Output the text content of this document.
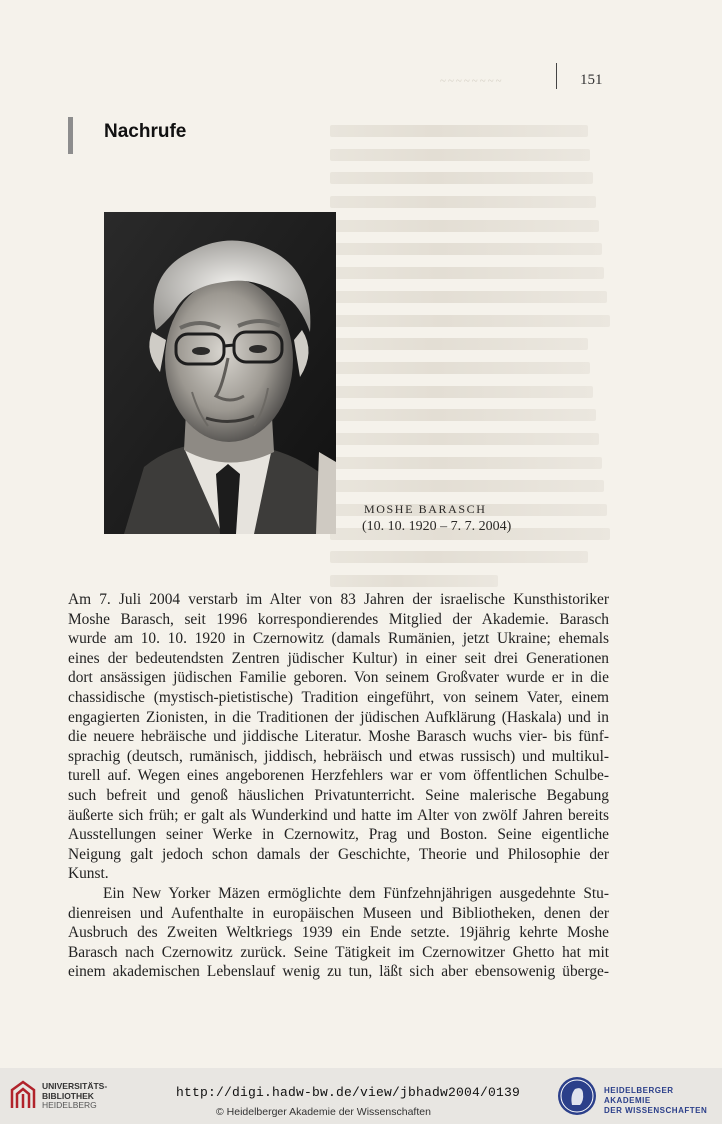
~~~~~~~~	151
Nachrufe
MOSHE BARASCH
(10. 10. 1920 – 7. 7. 2004)

Am 7. Juli 2004 verstarb im Alter von 83 Jahren der israelische Kunsthistoriker
Moshe Barasch, seit 1996 korrespondierendes Mitglied der Akademie. Barasch
wurde am 10. 10. 1920 in Czernowitz (damals Rumänien, jetzt Ukraine; ehemals
eines der bedeutendsten Zentren jüdischer Kultur) in einer seit drei Generationen
dort ansässigen jüdischen Familie geboren. Von seinem Großvater wurde er in die
chassidische (mystisch-pietistische) Tradition eingeführt, von seinem Vater, einem
engagierten Zionisten, in die Traditionen der jüdischen Aufklärung (Haskala) und in
die neuere hebräische und jiddische Literatur. Moshe Barasch wuchs vier- bis fünf-
sprachig (deutsch, rumänisch, jiddisch, hebräisch und etwas russisch) und multikul-
turell auf. Wegen eines angeborenen Herzfehlers war er vom öffentlichen Schulbe-
such befreit und genoß häuslichen Privatunterricht. Seine malerische Begabung
äußerte sich früh; er galt als Wunderkind und hatte im Alter von zwölf Jahren bereits
Ausstellungen seiner Werke in Czernowitz, Prag und Boston. Seine eigentliche
Neigung galt jedoch schon damals der Geschichte, Theorie und Philosophie der
Kunst.

Ein New Yorker Mäzen ermöglichte dem Fünfzehnjährigen ausgedehnte Stu-
dienreisen und Aufenthalte in europäischen Museen und Bibliotheken, denen der
Ausbruch des Zweiten Weltkriegs 1939 ein Ende setzte. 19jährig kehrte Moshe
Barasch nach Czernowitz zurück. Seine Tätigkeit im Czernowitzer Ghetto hat mit
einem akademischen Lebenslauf wenig zu tun, läßt sich aber ebensowenig überge-

UNIVERSITÄTS-
BIBLIOTHEK
HEIDELBERG
http://digi.hadw-bw.de/view/jbhadw2004/0139
© Heidelberger Akademie der Wissenschaften
HEIDELBERGER AKADEMIE
DER WISSENSCHAFTEN
